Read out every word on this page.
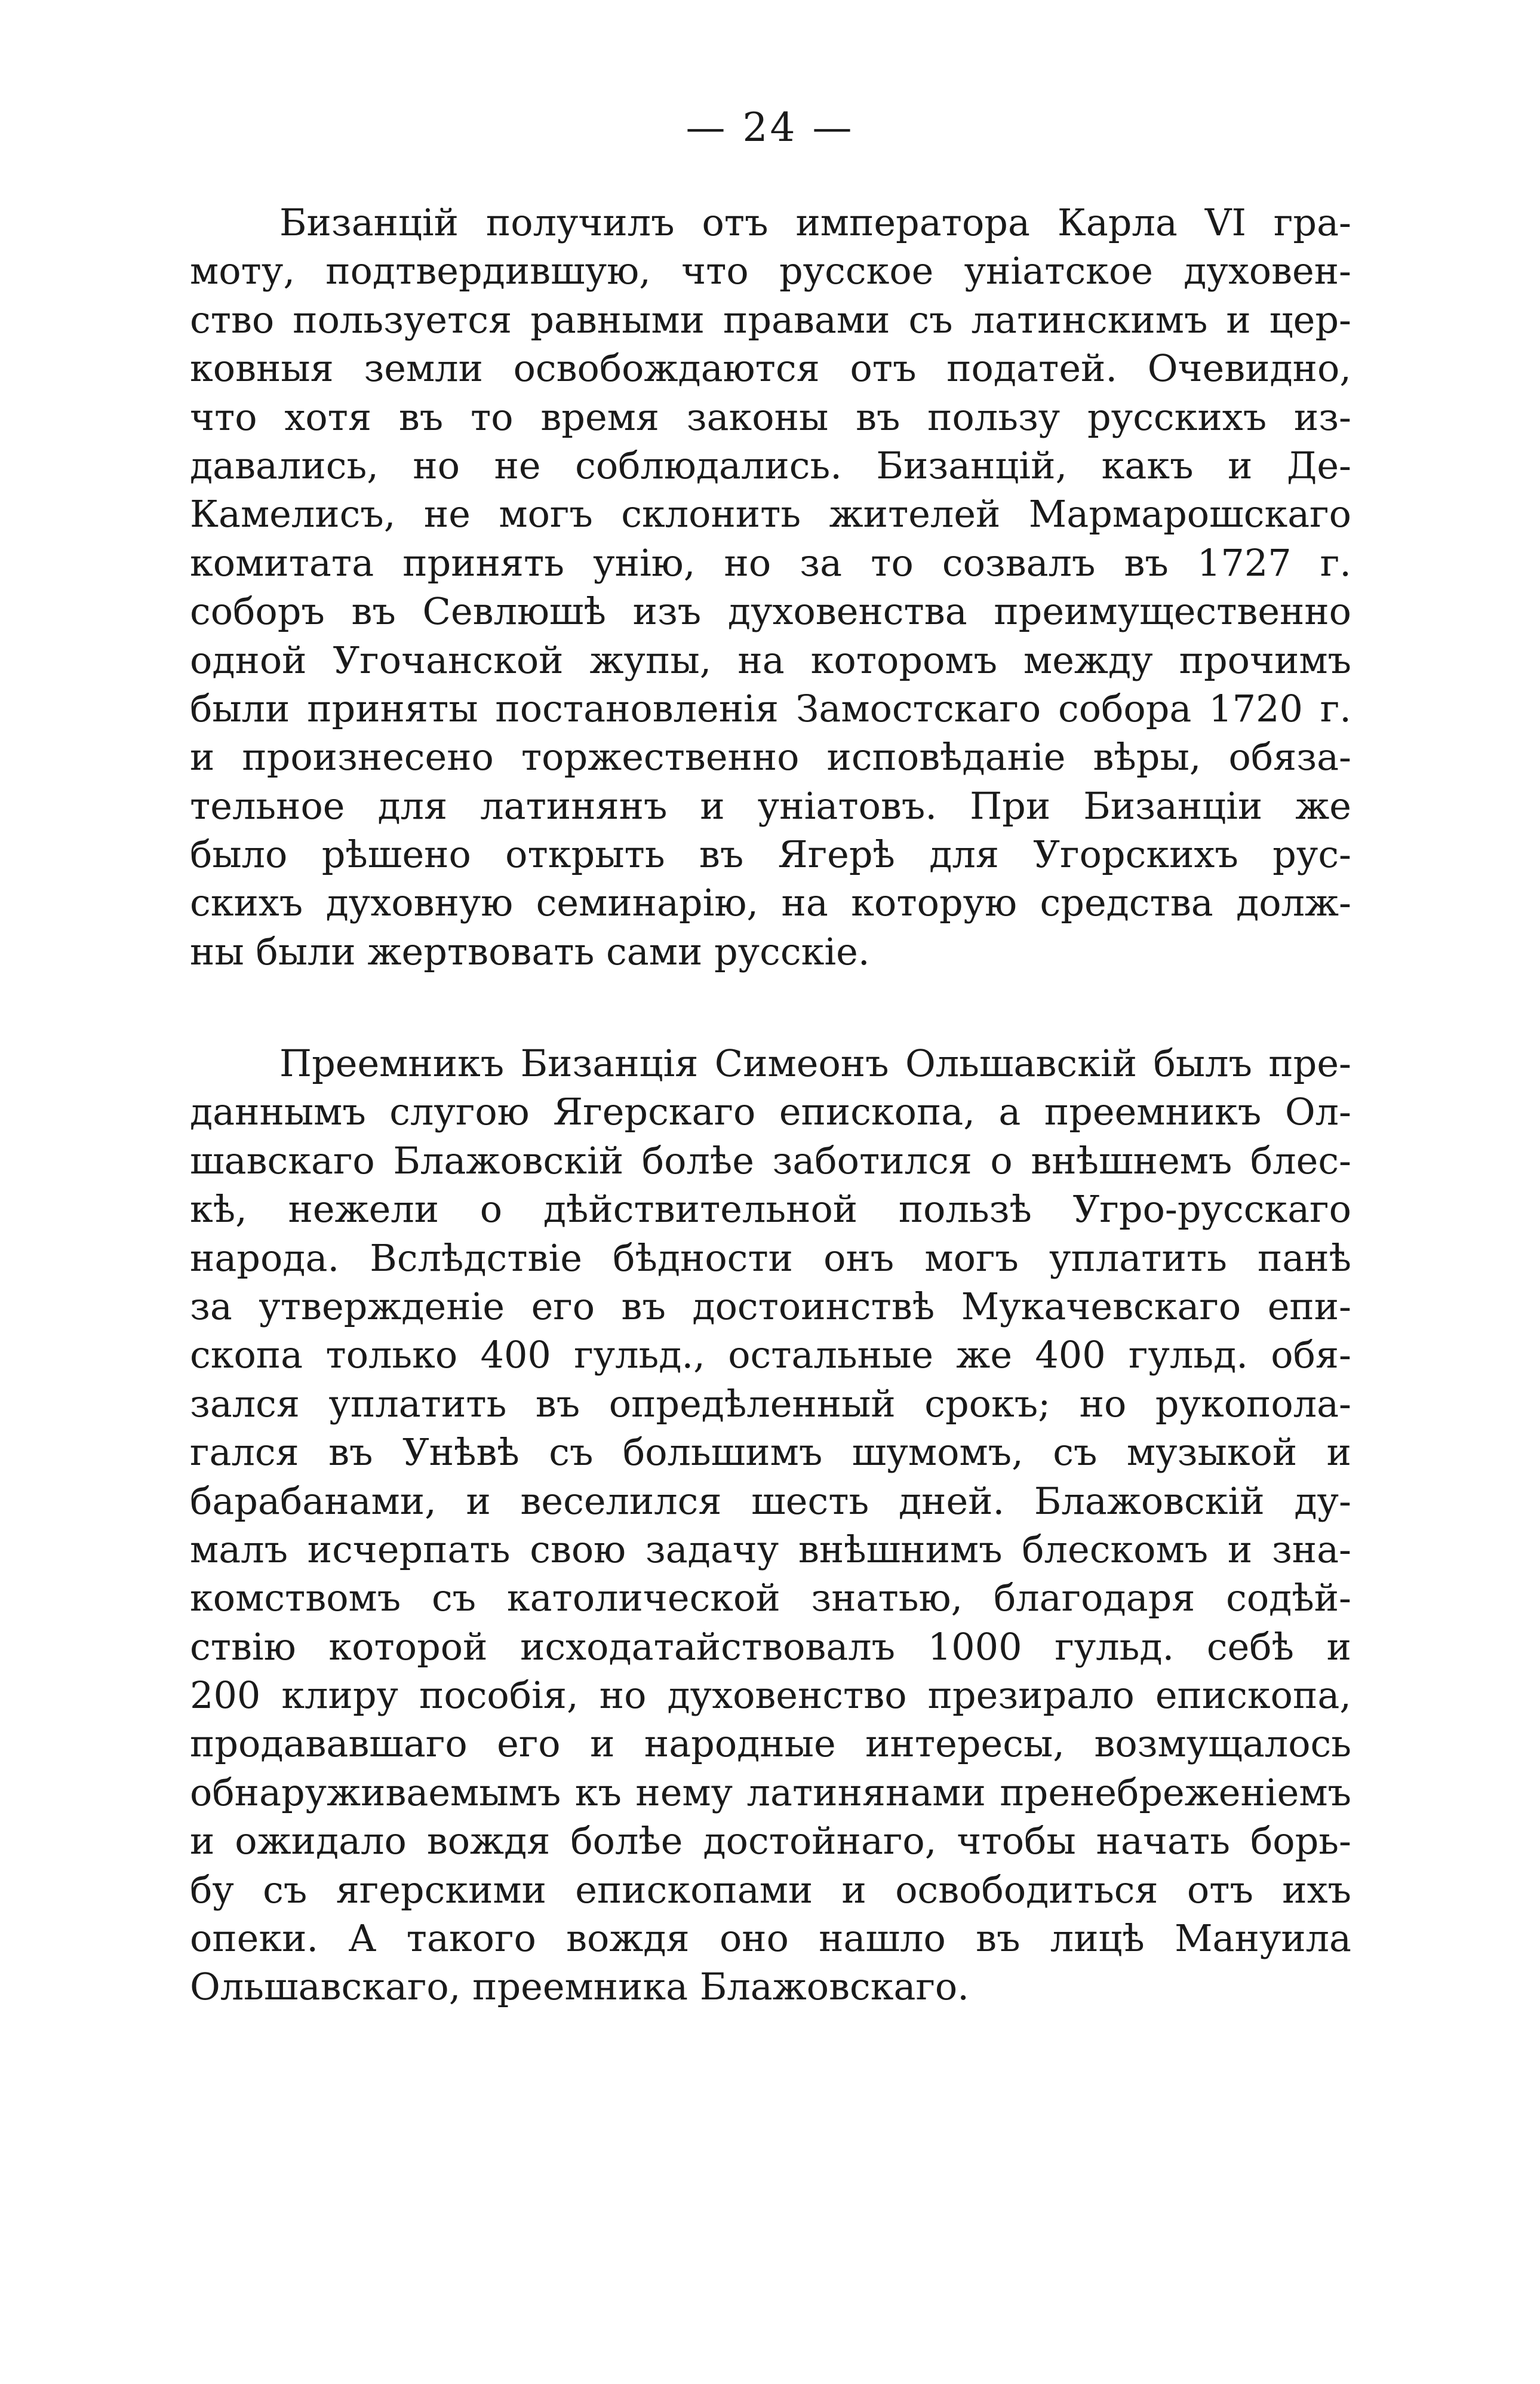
— 24 —
Бизанцій получилъ отъ императора Карла VI гра-
моту, подтвердившую, что русское уніатское духовен-
ство пользуется равными правами съ латинскимъ и цер-
ковныя земли освобождаются отъ податей. Очевидно,
что хотя въ то время законы въ пользу русскихъ из-
давались, но не соблюдались. Бизанцій, какъ и Де-
Камелисъ, не могъ склонить жителей Мармарошскаго
комитата принять унію, но за то созвалъ въ 1727 г.
соборъ въ Севлюшѣ изъ духовенства преимущественно
одной Угочанской жупы, на которомъ между прочимъ
были приняты постановленія Замостскаго собора 1720 г.
и произнесено торжественно исповѣданіе вѣры, обяза-
тельное для латинянъ и уніатовъ. При Бизанціи же
было рѣшено открыть въ Ягерѣ для Угорскихъ рус-
скихъ духовную семинарію, на которую средства долж-
ны были жертвовать сами русскіе.
Преемникъ Бизанція Симеонъ Ольшавскій былъ пре-
даннымъ слугою Ягерскаго епископа, а преемникъ Ол-
шавскаго Блажовскій болѣе заботился о внѣшнемъ блес-
кѣ, нежели о дѣйствительной пользѣ Угро-русскаго
народа. Вслѣдствіе бѣдности онъ могъ уплатить панѣ
за утвержденіе его въ достоинствѣ Мукачевскаго епи-
скопа только 400 гульд., остальные же 400 гульд. обя-
зался уплатить въ опредѣленный срокъ; но рукопола-
гался въ Унѣвѣ съ большимъ шумомъ, съ музыкой и
барабанами, и веселился шесть дней. Блажовскій ду-
малъ исчерпать свою задачу внѣшнимъ блескомъ и зна-
комствомъ съ католической знатью, благодаря содѣй-
ствію которой исходатайствовалъ 1000 гульд. себѣ и
200 клиру пособія, но духовенство презирало епископа,
продававшаго его и народные интересы, возмущалось
обнаруживаемымъ къ нему латинянами пренебреженіемъ
и ожидало вождя болѣе достойнаго, чтобы начать борь-
бу съ ягерскими епископами и освободиться отъ ихъ
опеки. А такого вождя оно нашло въ лицѣ Мануила
Ольшавскаго, преемника Блажовскаго.
